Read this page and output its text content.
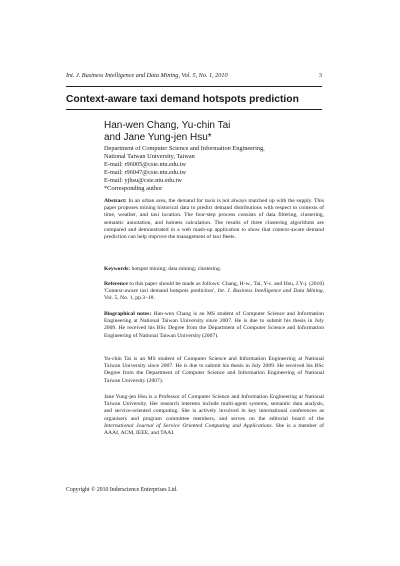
Int. J. Business Intelligence and Data Mining, Vol. 5, No. 1, 2010	3
Context-aware taxi demand hotspots prediction
Han-wen Chang, Yu-chin Tai
and Jane Yung-jen Hsu*
Department of Computer Science and Information Engineering,
National Taiwan University, Taiwan
E-mail: r96005@csie.ntu.edu.tw
E-mail: r96047@csie.ntu.edu.tw
E-mail: yjhsu@csie.ntu.edu.tw
*Corresponding author
Abstract: In an urban area, the demand for taxis is not always matched up with the supply. This paper proposes mining historical data to predict demand distributions with respect to contexts of time, weather, and taxi location. The four-step process consists of data filtering, clustering, semantic annotation, and hotness calculation. The results of three clustering algorithms are compared and demonstrated in a web mash-up application to show that context-aware demand prediction can help improve the management of taxi fleets.
Keywords: hotspot mining; data mining; clustering.
Reference to this paper should be made as follows: Chang, H-w., Tai, Y-c. and Hsu, J.Y-j. (2010) 'Context-aware taxi demand hotspots prediction', Int. J. Business Intelligence and Data Mining, Vol. 5, No. 1, pp.3–18.
Biographical notes: Han-wen Chang is an MS student of Computer Science and Information Engineering at National Taiwan University since 2007. He is due to submit his thesis in July 2009. He received his BSc Degree from the Department of Computer Science and Information Engineering of National Taiwan University (2007).
Yu-chin Tai is an MS student of Computer Science and Information Engineering at National Taiwan University since 2007. He is due to submit his thesis in July 2009. He received his BSc Degree from the Department of Computer Science and Information Engineering of National Taiwan University (2007).
Jane Yung-jen Hsu is a Professor of Computer Science and Information Engineering at National Taiwan University. Her research interests include multi-agent systems, semantic data analysis, and service-oriented computing. She is actively involved in key international conferences as organisers and program committee members, and serves on the editorial board of the International Journal of Service Oriented Computing and Applications. She is a member of AAAI, ACM, IEEE, and TAAI.
Copyright © 2010 Inderscience Enterprises Ltd.
